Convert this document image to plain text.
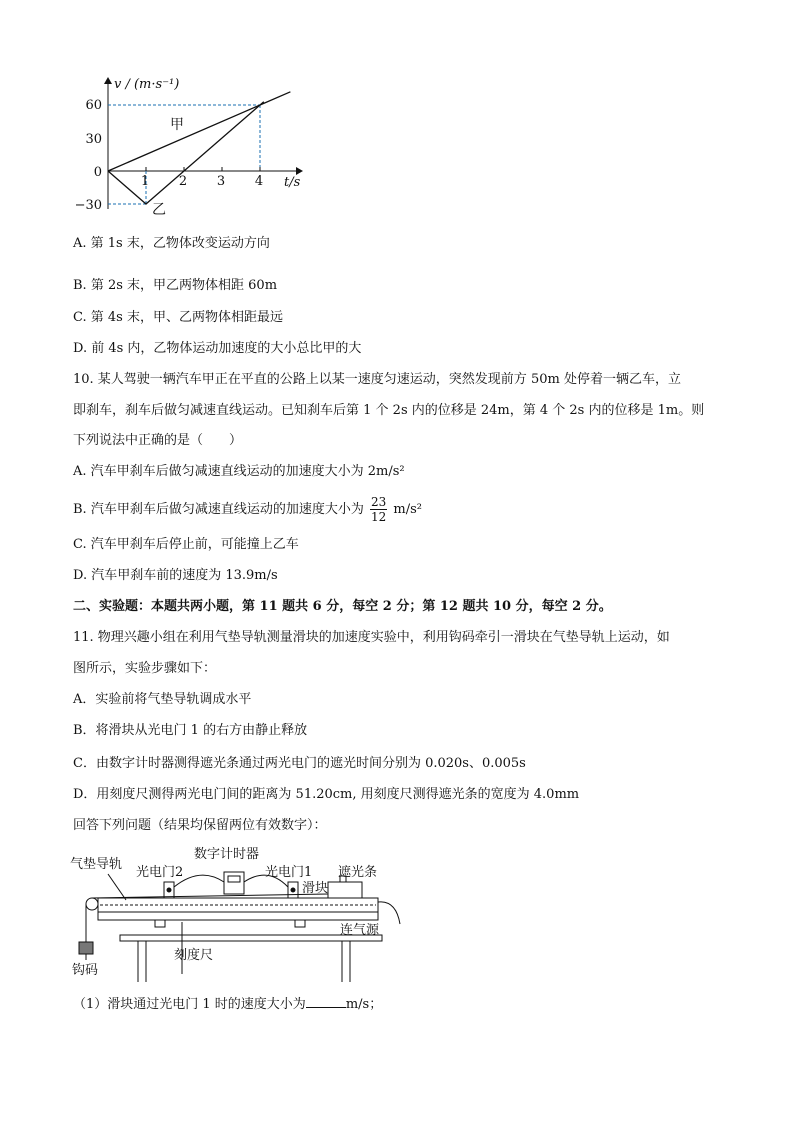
v / (m·s⁻¹)
t/s
60
30
0
−30
1 2 3 4
甲
乙
A. 第 1s 末，乙物体改变运动方向
B. 第 2s 末，甲乙两物体相距 60m
C. 第 4s 末，甲、乙两物体相距最远
D. 前 4s 内，乙物体运动加速度的大小总比甲的大
10. 某人驾驶一辆汽车甲正在平直的公路上以某一速度匀速运动，突然发现前方 50m 处停着一辆乙车，立
即刹车，刹车后做匀减速直线运动。已知刹车后第 1 个 2s 内的位移是 24m，第 4 个 2s 内的位移是 1m。则
下列说法中正确的是（　　）
A. 汽车甲刹车后做匀减速直线运动的加速度大小为 2m/s²
B. 汽车甲刹车后做匀减速直线运动的加速度大小为 $\frac{23}{12} m/s^2$
C. 汽车甲刹车后停止前，可能撞上乙车
D. 汽车甲刹车前的速度为 13.9m/s
二、实验题：本题共两小题，第 11 题共 6 分，每空 2 分；第 12 题共 10 分，每空 2 分。
11. 物理兴趣小组在利用气垫导轨测量滑块的加速度实验中，利用钩码牵引一滑块在气垫导轨上运动，如
图所示，实验步骤如下：
A．实验前将气垫导轨调成水平
B．将滑块从光电门 1 的右方由静止释放
C．由数字计时器测得遮光条通过两光电门的遮光时间分别为 0.020s、0.005s
D．用刻度尺测得两光电门间的距离为 51.20cm, 用刻度尺测得遮光条的宽度为 4.0mm
回答下列问题（结果均保留两位有效数字）：
气垫导轨
光电门2
数字计时器
光电门1
滑块
遮光条
连气源
刻度尺
钩码
（1）滑块通过光电门 1 时的速度大小为	m/s；
